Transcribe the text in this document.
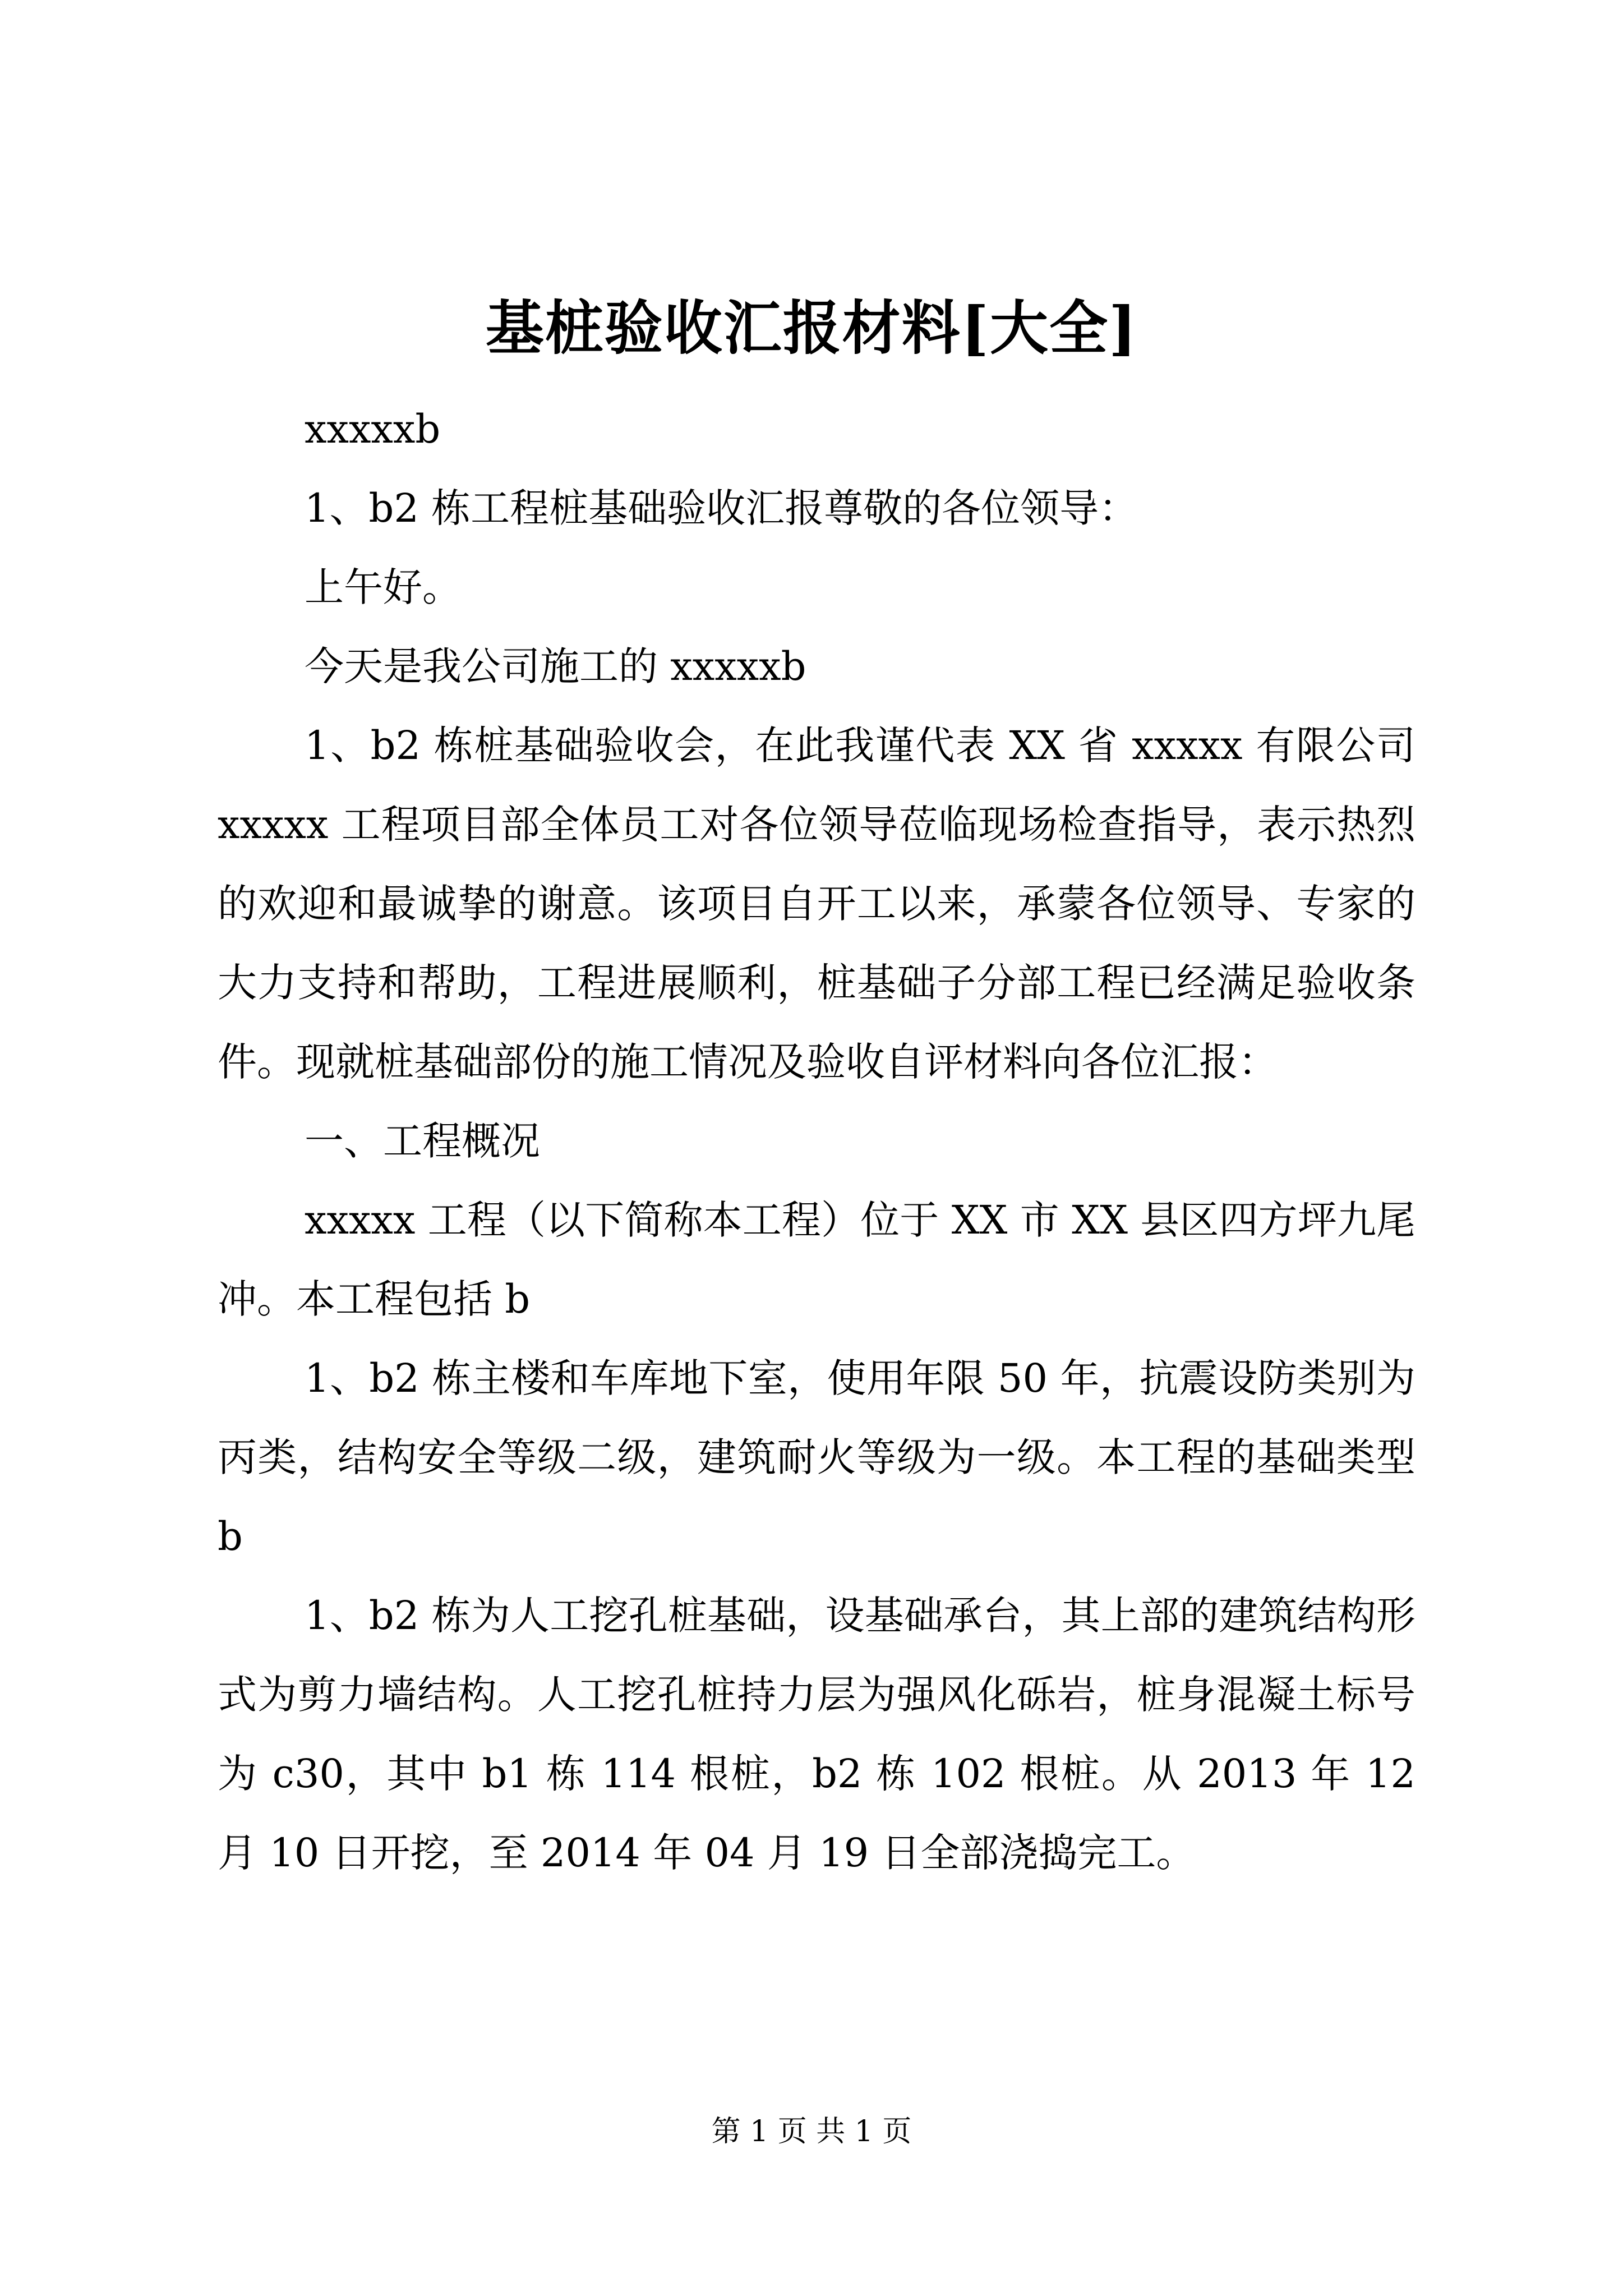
基桩验收汇报材料[大全]

xxxxxb

1、b2 栋工程桩基础验收汇报尊敬的各位领导：

上午好。

今天是我公司施工的 xxxxxb

1、b2 栋桩基础验收会，在此我谨代表 XX 省 xxxxx 有限公司 xxxxx 工程项目部全体员工对各位领导莅临现场检查指导，表示热烈的欢迎和最诚挚的谢意。该项目自开工以来，承蒙各位领导、专家的大力支持和帮助，工程进展顺利，桩基础子分部工程已经满足验收条件。现就桩基础部份的施工情况及验收自评材料向各位汇报：

一、工程概况

xxxxx 工程（以下简称本工程）位于 XX 市 XX 县区四方坪九尾冲。本工程包括 b

1、b2 栋主楼和车库地下室，使用年限 50 年，抗震设防类别为丙类，结构安全等级二级，建筑耐火等级为一级。本工程的基础类型 b

1、b2 栋为人工挖孔桩基础，设基础承台，其上部的建筑结构形式为剪力墙结构。人工挖孔桩持力层为强风化砾岩，桩身混凝土标号为 c30，其中 b1 栋 114 根桩，b2 栋 102 根桩。从 2013 年 12 月 10 日开挖，至 2014 年 04 月 19 日全部浇捣完工。

第 1 页 共 1 页
